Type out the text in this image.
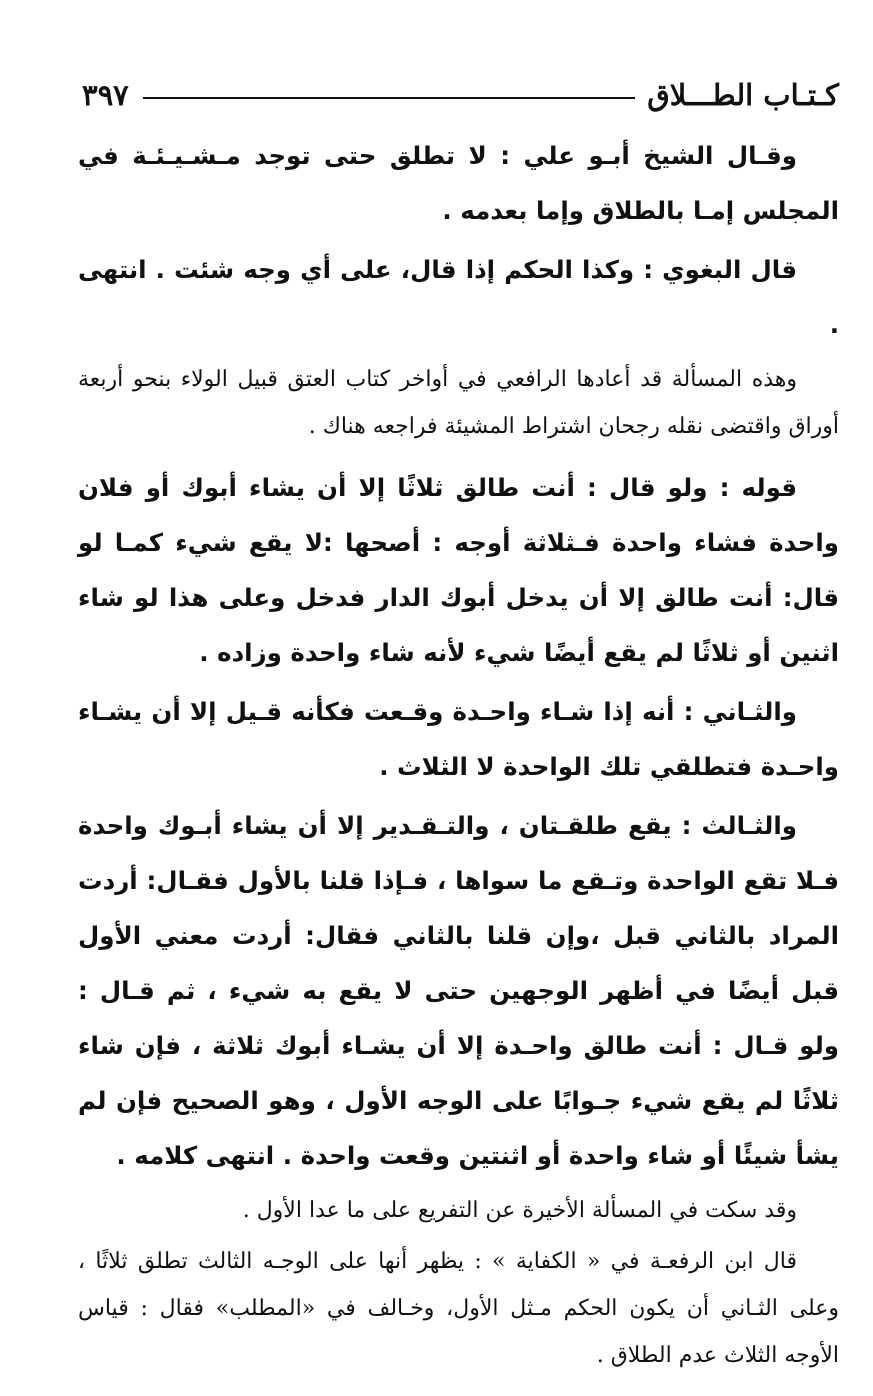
كـتـاب الطـــلاق
٣٩٧

وقـال الشيخ أبـو علي : لا تطلق حتى توجد مـشـيـئـة في المجلس إمـا بالطلاق وإما بعدمه .

قال البغوي : وكذا الحكم إذا قال، على أي وجه شئت . انتهى .

وهذه المسألة قد أعادها الرافعي في أواخر كتاب العتق قبيل الولاء بنحو أربعة أوراق واقتضى نقله رجحان اشتراط المشيئة فراجعه هناك .

قوله : ولو قال : أنت طالق ثلاثًا إلا أن يشاء أبوك أو فلان واحدة فشاء واحدة فـثلاثة أوجه : أصحها :لا يقع شيء كمـا لو قال: أنت طالق إلا أن يدخل أبوك الدار فدخل وعلى هذا لو شاء اثنين أو ثلاثًا لم يقع أيضًا شيء لأنه شاء واحدة وزاده .

والثـاني : أنه إذا شـاء واحـدة وقـعت فكأنه قـيل إلا أن يشـاء واحـدة فتطلقي تلك الواحدة لا الثلاث .

والثـالث : يقع طلقـتان ، والتـقـدير إلا أن يشاء أبـوك واحدة فـلا تقع الواحدة وتـقع ما سواها ، فـإذا قلنا بالأول فقـال: أردت المراد بالثاني قبل ،وإن قلنا بالثاني فقال: أردت معني الأول قبل أيضًا في أظهر الوجهين حتى لا يقع به شيء ، ثم قـال : ولو قـال : أنت طالق واحـدة إلا أن يشـاء أبوك ثلاثة ، فإن شاء ثلاثًا لم يقع شيء جـوابًا على الوجه الأول ، وهو الصحيح فإن لم يشأ شيئًا أو شاء واحدة أو اثنتين وقعت واحدة . انتهى كلامه .

وقد سكت في المسألة الأخيرة عن التفريع على ما عدا الأول .

قال ابن الرفعـة في « الكفاية » : يظهر أنها على الوجـه الثالث تطلق ثلاثًا ، وعلى الثـاني أن يكون الحكم مـثل الأول، وخـالف في «المطلب» فقال : قياس الأوجه الثلاث عدم الطلاق .
